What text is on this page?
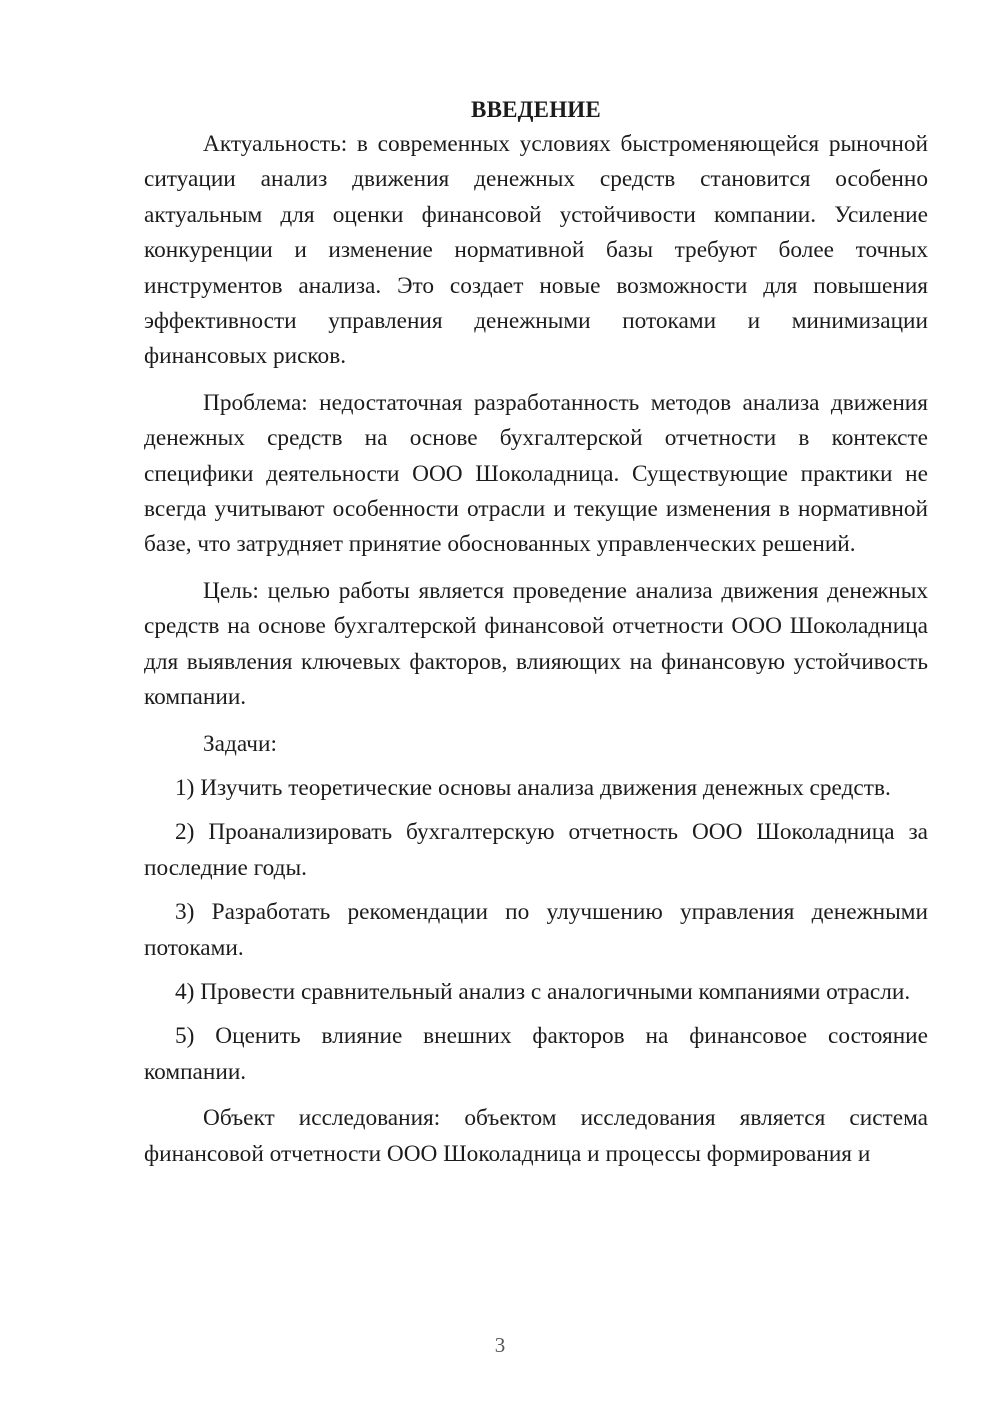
ВВЕДЕНИЕ

Актуальность: в современных условиях быстроменяющейся рыночной ситуации анализ движения денежных средств становится особенно актуальным для оценки финансовой устойчивости компании. Усиление конкуренции и изменение нормативной базы требуют более точных инструментов анализа. Это создает новые возможности для повышения эффективности управления денежными потоками и минимизации финансовых рисков.

Проблема: недостаточная разработанность методов анализа движения денежных средств на основе бухгалтерской отчетности в контексте специфики деятельности ООО Шоколадница. Существующие практики не всегда учитывают особенности отрасли и текущие изменения в нормативной базе, что затрудняет принятие обоснованных управленческих решений.

Цель: целью работы является проведение анализа движения денежных средств на основе бухгалтерской финансовой отчетности ООО Шоколадница для выявления ключевых факторов, влияющих на финансовую устойчивость компании.

Задачи:

1) Изучить теоретические основы анализа движения денежных средств.

2) Проанализировать бухгалтерскую отчетность ООО Шоколадница за последние годы.

3) Разработать рекомендации по улучшению управления денежными потоками.

4) Провести сравнительный анализ с аналогичными компаниями отрасли.

5) Оценить влияние внешних факторов на финансовое состояние компании.

Объект исследования: объектом исследования является система финансовой отчетности ООО Шоколадница и процессы формирования и

3
